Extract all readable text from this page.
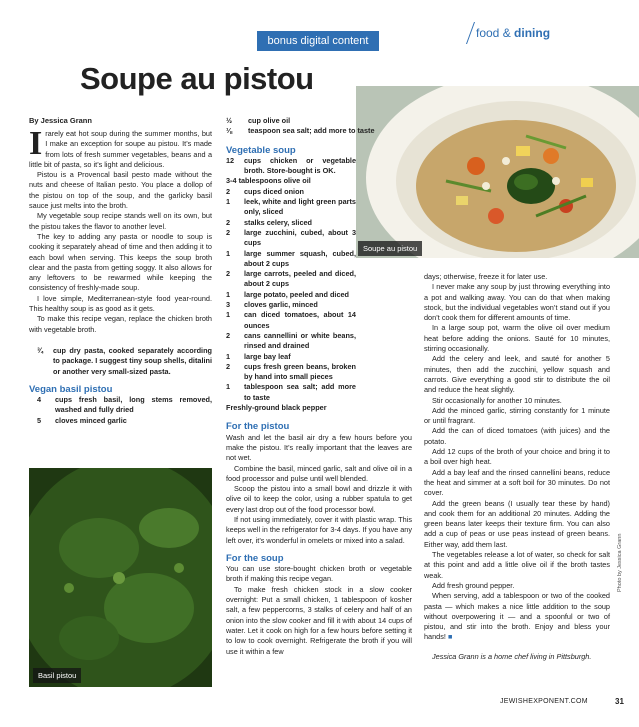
bonus digital content
food & dining
Soupe au pistou
By Jessica Grann
Soupe au pistou
Basil pistou

Irarely eat hot soup during the summer months, but I make an exception for soupe au pistou. It’s made from lots of fresh summer vegetables, beans and a little bit of pasta, so it’s light and delicious.

Pistou is a Provencal basil pesto made without the nuts and cheese of Italian pesto. You place a dollop of the pistou on top of the soup, and the garlicky basil sauce just melts into the broth.

My vegetable soup recipe stands well on its own, but the pistou takes the flavor to another level.

The key to adding any pasta or noodle to soup is cooking it separately ahead of time and then adding it to each bowl when serving. This keeps the soup broth clear and the pasta from getting soggy. It also allows for any leftovers to be rewarmed while keeping the consistency of freshly-made soup.

I love simple, Mediterranean-style food year-round. This healthy soup is as good as it gets.

To make this recipe vegan, replace the chicken broth with vegetable broth.

¾	cup dry pasta, cooked separately according to package. I suggest tiny soup shells, ditalini or another very small-sized pasta.
Vegan basil pistou
4	cups fresh basil, long stems removed, washed and fully dried
5	cloves minced garlic
½	cup olive oil
⅛	teaspoon sea salt; add more to taste
Vegetable soup
12	cups chicken or vegetable broth. Store-bought is OK.
3-4 tablespoons olive oil
2	cups diced onion
1	leek, white and light green parts only, sliced
2	stalks celery, sliced
2	large zucchini, cubed, about 3 cups
1	large summer squash, cubed, about 2 cups
2	large carrots, peeled and diced, about 2 cups
1	large potato, peeled and diced
3	cloves garlic, minced
1	can diced tomatoes, about 14 ounces
2	cans cannellini or white beans, rinsed and drained
1	large bay leaf
2	cups fresh green beans, broken by hand into small pieces
1	tablespoon sea salt; add more to taste
Freshly-ground black pepper
For the pistou

Wash and let the basil air dry a few hours before you make the pistou. It’s really important that the leaves are not wet.

Combine the basil, minced garlic, salt and olive oil in a food processor and pulse until well blended.

Scoop the pistou into a small bowl and drizzle it with olive oil to keep the color, using a rubber spatula to get every last drop out of the food processor bowl.

If not using immediately, cover it with plastic wrap. This keeps well in the refrigerator for 3-4 days. If you have any left over, it’s wonderful in omelets or mixed into a salad.

For the soup

You can use store-bought chicken broth or vegetable broth if making this recipe vegan.

To make fresh chicken stock in a slow cooker overnight: Put a small chicken, 1 tablespoon of kosher salt, a few peppercorns, 3 stalks of celery and half of an onion into the slow cooker and fill it with about 14 cups of water. Let it cook on high for a few hours before setting it to low to cook overnight. Refrigerate the broth if you will use it within a few

days; otherwise, freeze it for later use.

I never make any soup by just throwing everything into a pot and walking away. You can do that when making stock, but the individual vegetables won’t stand out if you don’t cook them for different amounts of time.

In a large soup pot, warm the olive oil over medium heat before adding the onions. Sauté for 10 minutes, stirring occasionally.

Add the celery and leek, and sauté for another 5 minutes, then add the zucchini, yellow squash and carrots. Give everything a good stir to distribute the oil and reduce the heat slightly.

Stir occasionally for another 10 minutes.

Add the minced garlic, stirring constantly for 1 minute or until fragrant.

Add the can of diced tomatoes (with juices) and the potato.

Add 12 cups of the broth of your choice and bring it to a boil over high heat.

Add a bay leaf and the rinsed cannellini beans, reduce the heat and simmer at a soft boil for 30 minutes. Do not cover.

Add the green beans (I usually tear these by hand) and cook them for an additional 20 minutes. Adding the green beans later keeps their texture firm. You can also add a cup of peas or use peas instead of green beans. Either way, add them last.

The vegetables release a lot of water, so check for salt at this point and add a little olive oil if the broth tastes weak.

Add fresh ground pepper.

When serving, add a tablespoon or two of the cooked pasta — which makes a nice little addition to the soup without overpowering it — and a spoonful or two of pistou, and stir into the broth. Enjoy and bless your hands! ■

Jessica Grann is a home chef living in Pittsburgh.

Photo by Jessica Grann
JEWISHEXPONENT.COM	31
